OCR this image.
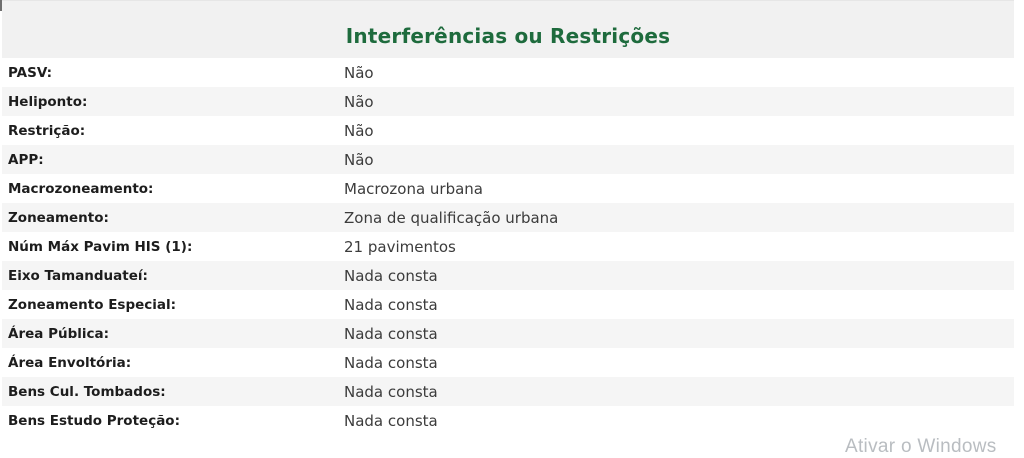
Interferências ou Restrições
PASV:	Não
Heliponto:	Não
Restrição:	Não
APP:	Não
Macrozoneamento:	Macrozona urbana
Zoneamento:	Zona de qualificação urbana
Núm Máx Pavim HIS (1):	21 pavimentos
Eixo Tamanduateí:	Nada consta
Zoneamento Especial:	Nada consta
Área Pública:	Nada consta
Área Envoltória:	Nada consta
Bens Cul. Tombados:	Nada consta
Bens Estudo Proteção:	Nada consta
Ativar o Windows
